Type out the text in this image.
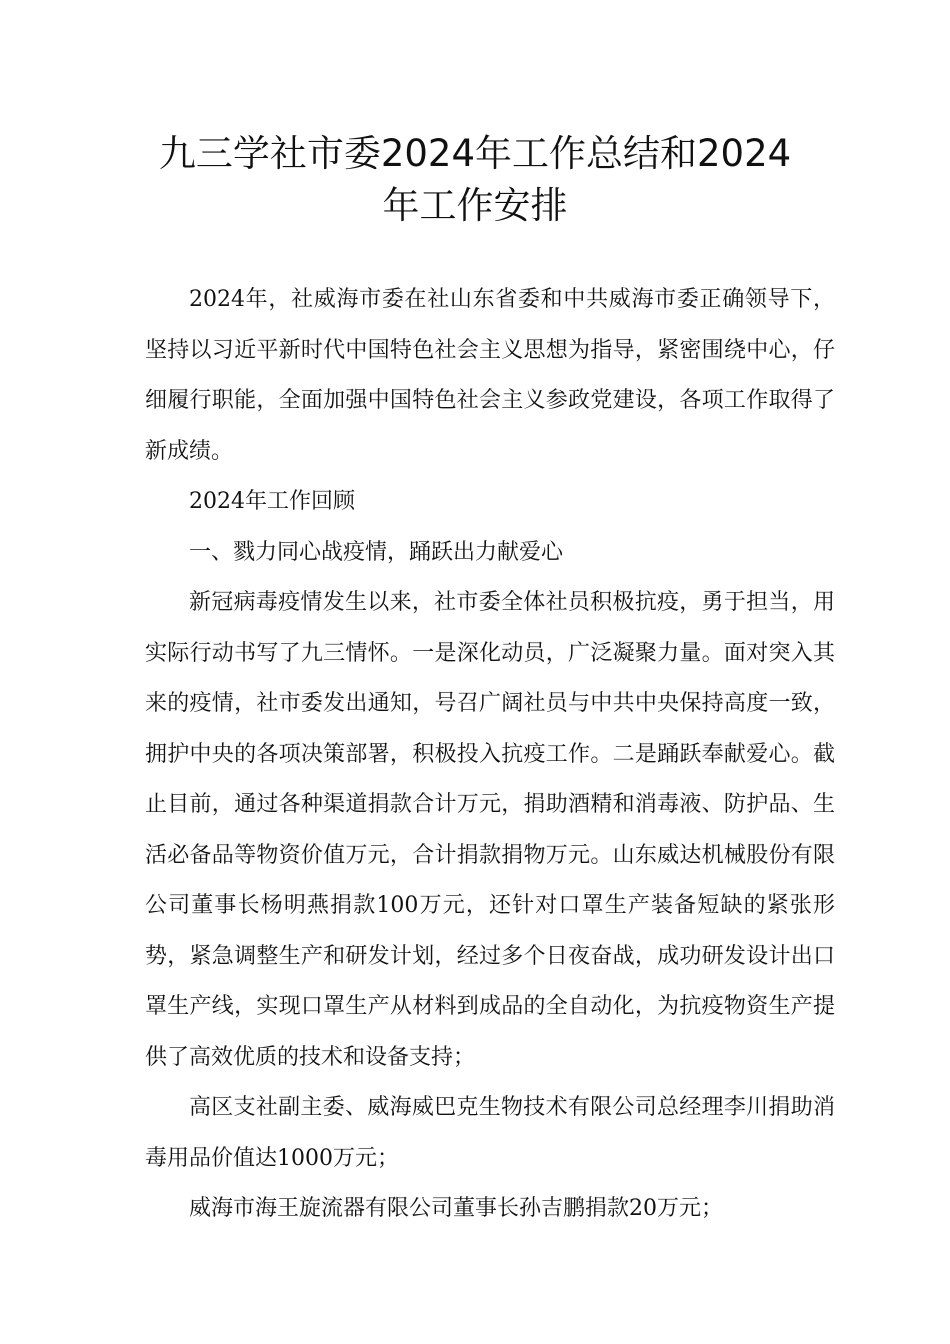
九三学社市委2024年工作总结和2024
年工作安排

2024年，社威海市委在社山东省委和中共威海市委正确领导下，坚持以习近平新时代中国特色社会主义思想为指导，紧密围绕中心，仔细履行职能，全面加强中国特色社会主义参政党建设，各项工作取得了新成绩。

2024年工作回顾

一、戮力同心战疫情，踊跃出力献爱心

新冠病毒疫情发生以来，社市委全体社员积极抗疫，勇于担当，用实际行动书写了九三情怀。一是深化动员，广泛凝聚力量。面对突入其来的疫情，社市委发出通知，号召广阔社员与中共中央保持高度一致，拥护中央的各项决策部署，积极投入抗疫工作。二是踊跃奉献爱心。截止目前，通过各种渠道捐款合计万元，捐助酒精和消毒液、防护品、生活必备品等物资价值万元，合计捐款捐物万元。山东威达机械股份有限公司董事长杨明燕捐款100万元，还针对口罩生产装备短缺的紧张形势，紧急调整生产和研发计划，经过多个日夜奋战，成功研发设计出口罩生产线，实现口罩生产从材料到成品的全自动化，为抗疫物资生产提供了高效优质的技术和设备支持；

高区支社副主委、威海威巴克生物技术有限公司总经理李川捐助消毒用品价值达1000万元；

威海市海王旋流器有限公司董事长孙吉鹏捐款20万元；
